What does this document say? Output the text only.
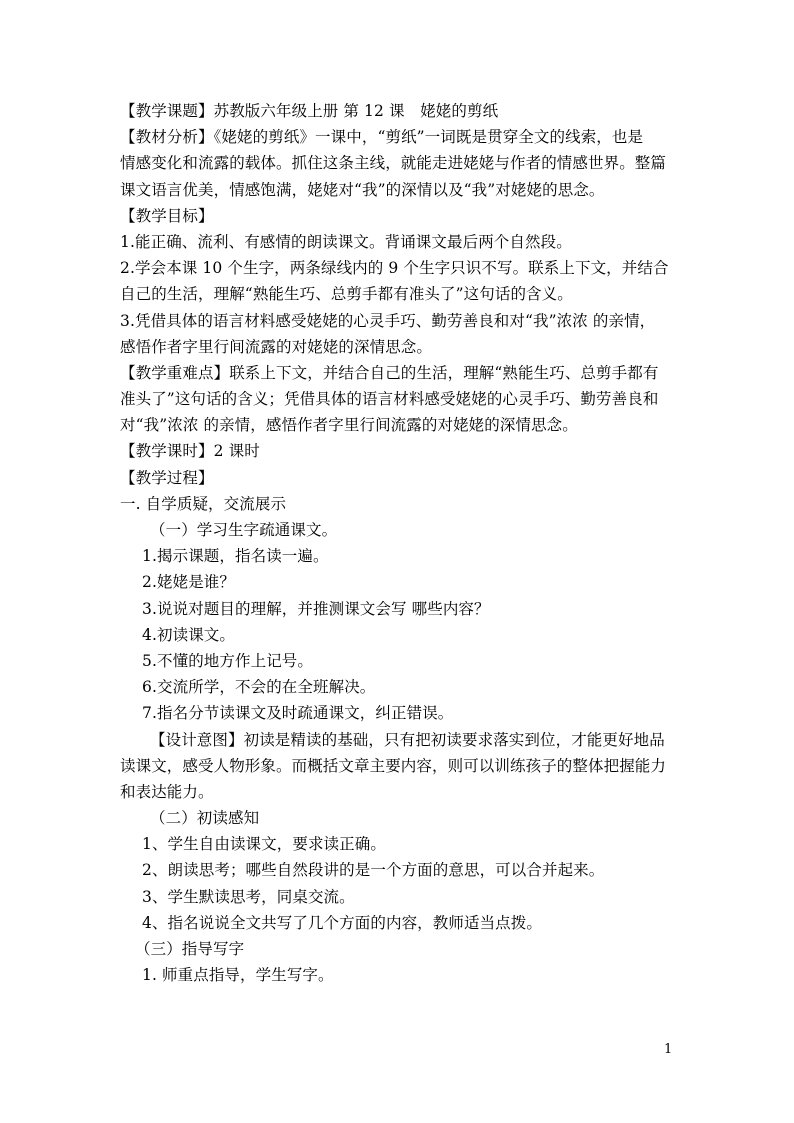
【教学课题】苏教版六年级上册 第 12 课　姥姥的剪纸
【教材分析】《姥姥的剪纸》一课中，“剪纸”一词既是贯穿全文的线索，也是
情感变化和流露的载体。抓住这条主线，就能走进姥姥与作者的情感世界。整篇
课文语言优美，情感饱满，姥姥对“我”的深情以及“我”对姥姥的思念。
【教学目标】
1.能正确、流利、有感情的朗读课文。背诵课文最后两个自然段。
2.学会本课 10 个生字，两条绿线内的 9 个生字只识不写。联系上下文，并结合
自己的生活，理解“熟能生巧、总剪手都有准头了”这句话的含义。
3.凭借具体的语言材料感受姥姥的心灵手巧、勤劳善良和对“我”浓浓 的亲情，
感悟作者字里行间流露的对姥姥的深情思念。
【教学重难点】联系上下文，并结合自己的生活，理解“熟能生巧、总剪手都有
准头了”这句话的含义；凭借具体的语言材料感受姥姥的心灵手巧、勤劳善良和
对“我”浓浓 的亲情，感悟作者字里行间流露的对姥姥的深情思念。
【教学课时】2 课时
【教学过程】
一. 自学质疑，交流展示
（一）学习生字疏通课文。
1.揭示课题，指名读一遍。
2.姥姥是谁？
3.说说对题目的理解，并推测课文会写 哪些内容？
4.初读课文。
5.不懂的地方作上记号。
6.交流所学，不会的在全班解决。
7.指名分节读课文及时疏通课文，纠正错误。
【设计意图】初读是精读的基础，只有把初读要求落实到位，才能更好地品
读课文，感受人物形象。而概括文章主要内容，则可以训练孩子的整体把握能力
和表达能力。
（二）初读感知
1、学生自由读课文，要求读正确。
2、朗读思考；哪些自然段讲的是一个方面的意思，可以合并起来。
3、学生默读思考，同桌交流。
4、指名说说全文共写了几个方面的内容，教师适当点拨。
（三）指导写字
1. 师重点指导，学生写字。
1
